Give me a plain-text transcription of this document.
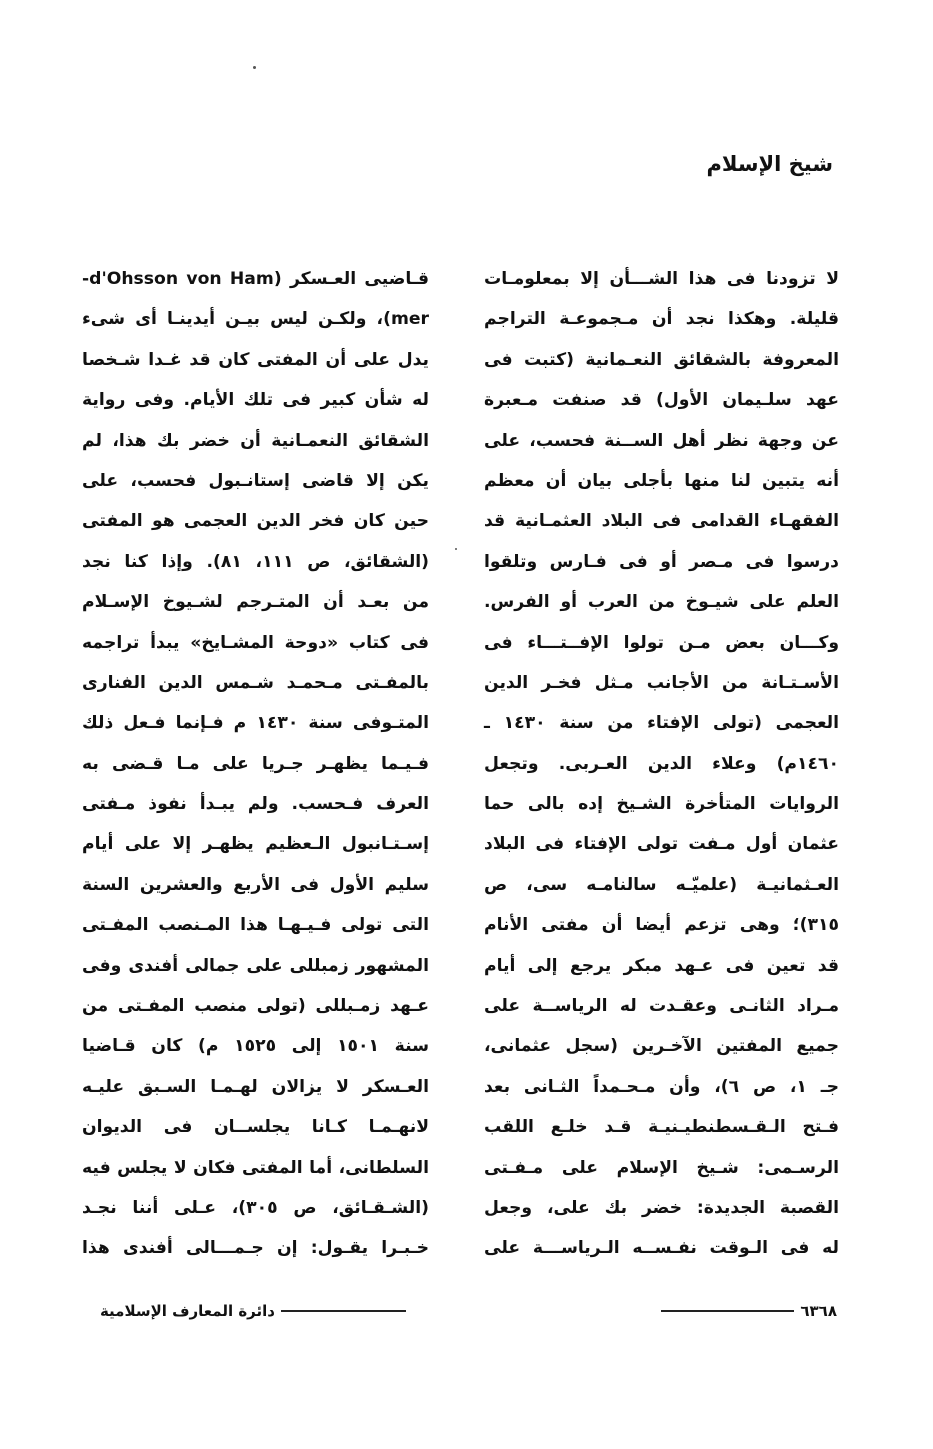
شيخ الإسلام
لا تزودنا فى هذا الشـــأن إلا بمعلومـات
قليلة. وهكذا نجد أن مـجموعـة التراجم
المعروفة بالشقائق النعـمانية (كتبت فى
عهد سلـيمان الأول) قد صنفت مـعبرة
عن وجهة نظر أهل الســنة فحسب، على
أنه يتبين لنا منها بأجلى بيان أن معظم
الفقهـاء القدامى فى البلاد العثمـانية قد
درسوا فى مـصر أو فى فـارس وتلقوا
العلم على شيـوخ من العرب أو الفرس.
وكـــان بعض مـن تولوا الإفــتـــاء فى
الأسـتـانة من الأجانب مـثل فخـر الدين
العجمى (تولى الإفتاء من سنة ١٤٣٠ ـ
١٤٦٠م) وعلاء الدين العـربى. وتجعل
الروايات المتأخرة الشـيخ إده بالى حما
عثمان أول مـفت تولى الإفتاء فى البلاد
العـثمانيـة (علميّـه سالنامـه سى، ص
٣١٥)؛ وهى تزعم أيضا أن مفتى الأنام
قد تعين فى عـهد مبكر يرجع إلى أيام
مـراد الثانـى وعقـدت له الرياســة على
جميع المفتين الآخـرين (سجل عثمانى،
جـ ١، ص ٦)، وأن مـحـمداً الثـانى بعد
فـتح الـقـسطنطيـنيـة قـد خلـع اللقب
الرسـمى: شـيخ الإسلام على مـفـتى
القصبة الجديدة: خضر بك على، وجعل
له فى الـوقت نفـســه الـرياســـة على
قـاضيى العـسكر (d'Ohsson von Ham-
mer)، ولكـن ليس بيـن أيدينـا أى شىء
يدل على أن المفتى كان قد غـدا شـخصا
له شأن كبير فى تلك الأيام. وفى رواية
الشقائق النعمـانية أن خضر بك هذا، لم
يكن إلا قاضى إستانـبول فحسب، على
حين كان فخر الدين العجمى هو المفتى
(الشقائق، ص ١١١، ٨١). وإذا كنا نجد
من بعـد أن المتـرجم لشـيوخ الإسـلام
فى كتاب «دوحة المشـايخ» يبدأ تراجمه
بالمفـتى مـحمـد شـمس الدين الفنارى
المتـوفى سنة ١٤٣٠ م فـإنما فـعل ذلك
فـيـما يظهـر جـريا على مـا قـضى به
العرف فـحسب. ولم يبـدأ نفوذ مـفتى
إسـتـانبول الـعظيم يظهـر إلا على أيام
سليم الأول فى الأربع والعشرين السنة
التى تولى فـيـهـا هذا المـنصب المفـتى
المشهور زمبللى على جمالى أفندى وفى
عـهد زمـبللى (تولى منصب المفـتى من
سنة ١٥٠١ إلى ١٥٢٥ م) كان قـاضيا
العـسكر لا يزالان لهـمـا السـبق عليـه
لانهـمـا كـانا يجلســان فى الديوان
السلطانى، أما المفتى فكان لا يجلس فيه
(الشـقـائق، ص ٣٠٥)، عـلى أننا نجـد
خـبـرا يقـول: إن جـمـــالى أفندى هذا
٦٣٦٨
دائرة المعارف الإسلامية
